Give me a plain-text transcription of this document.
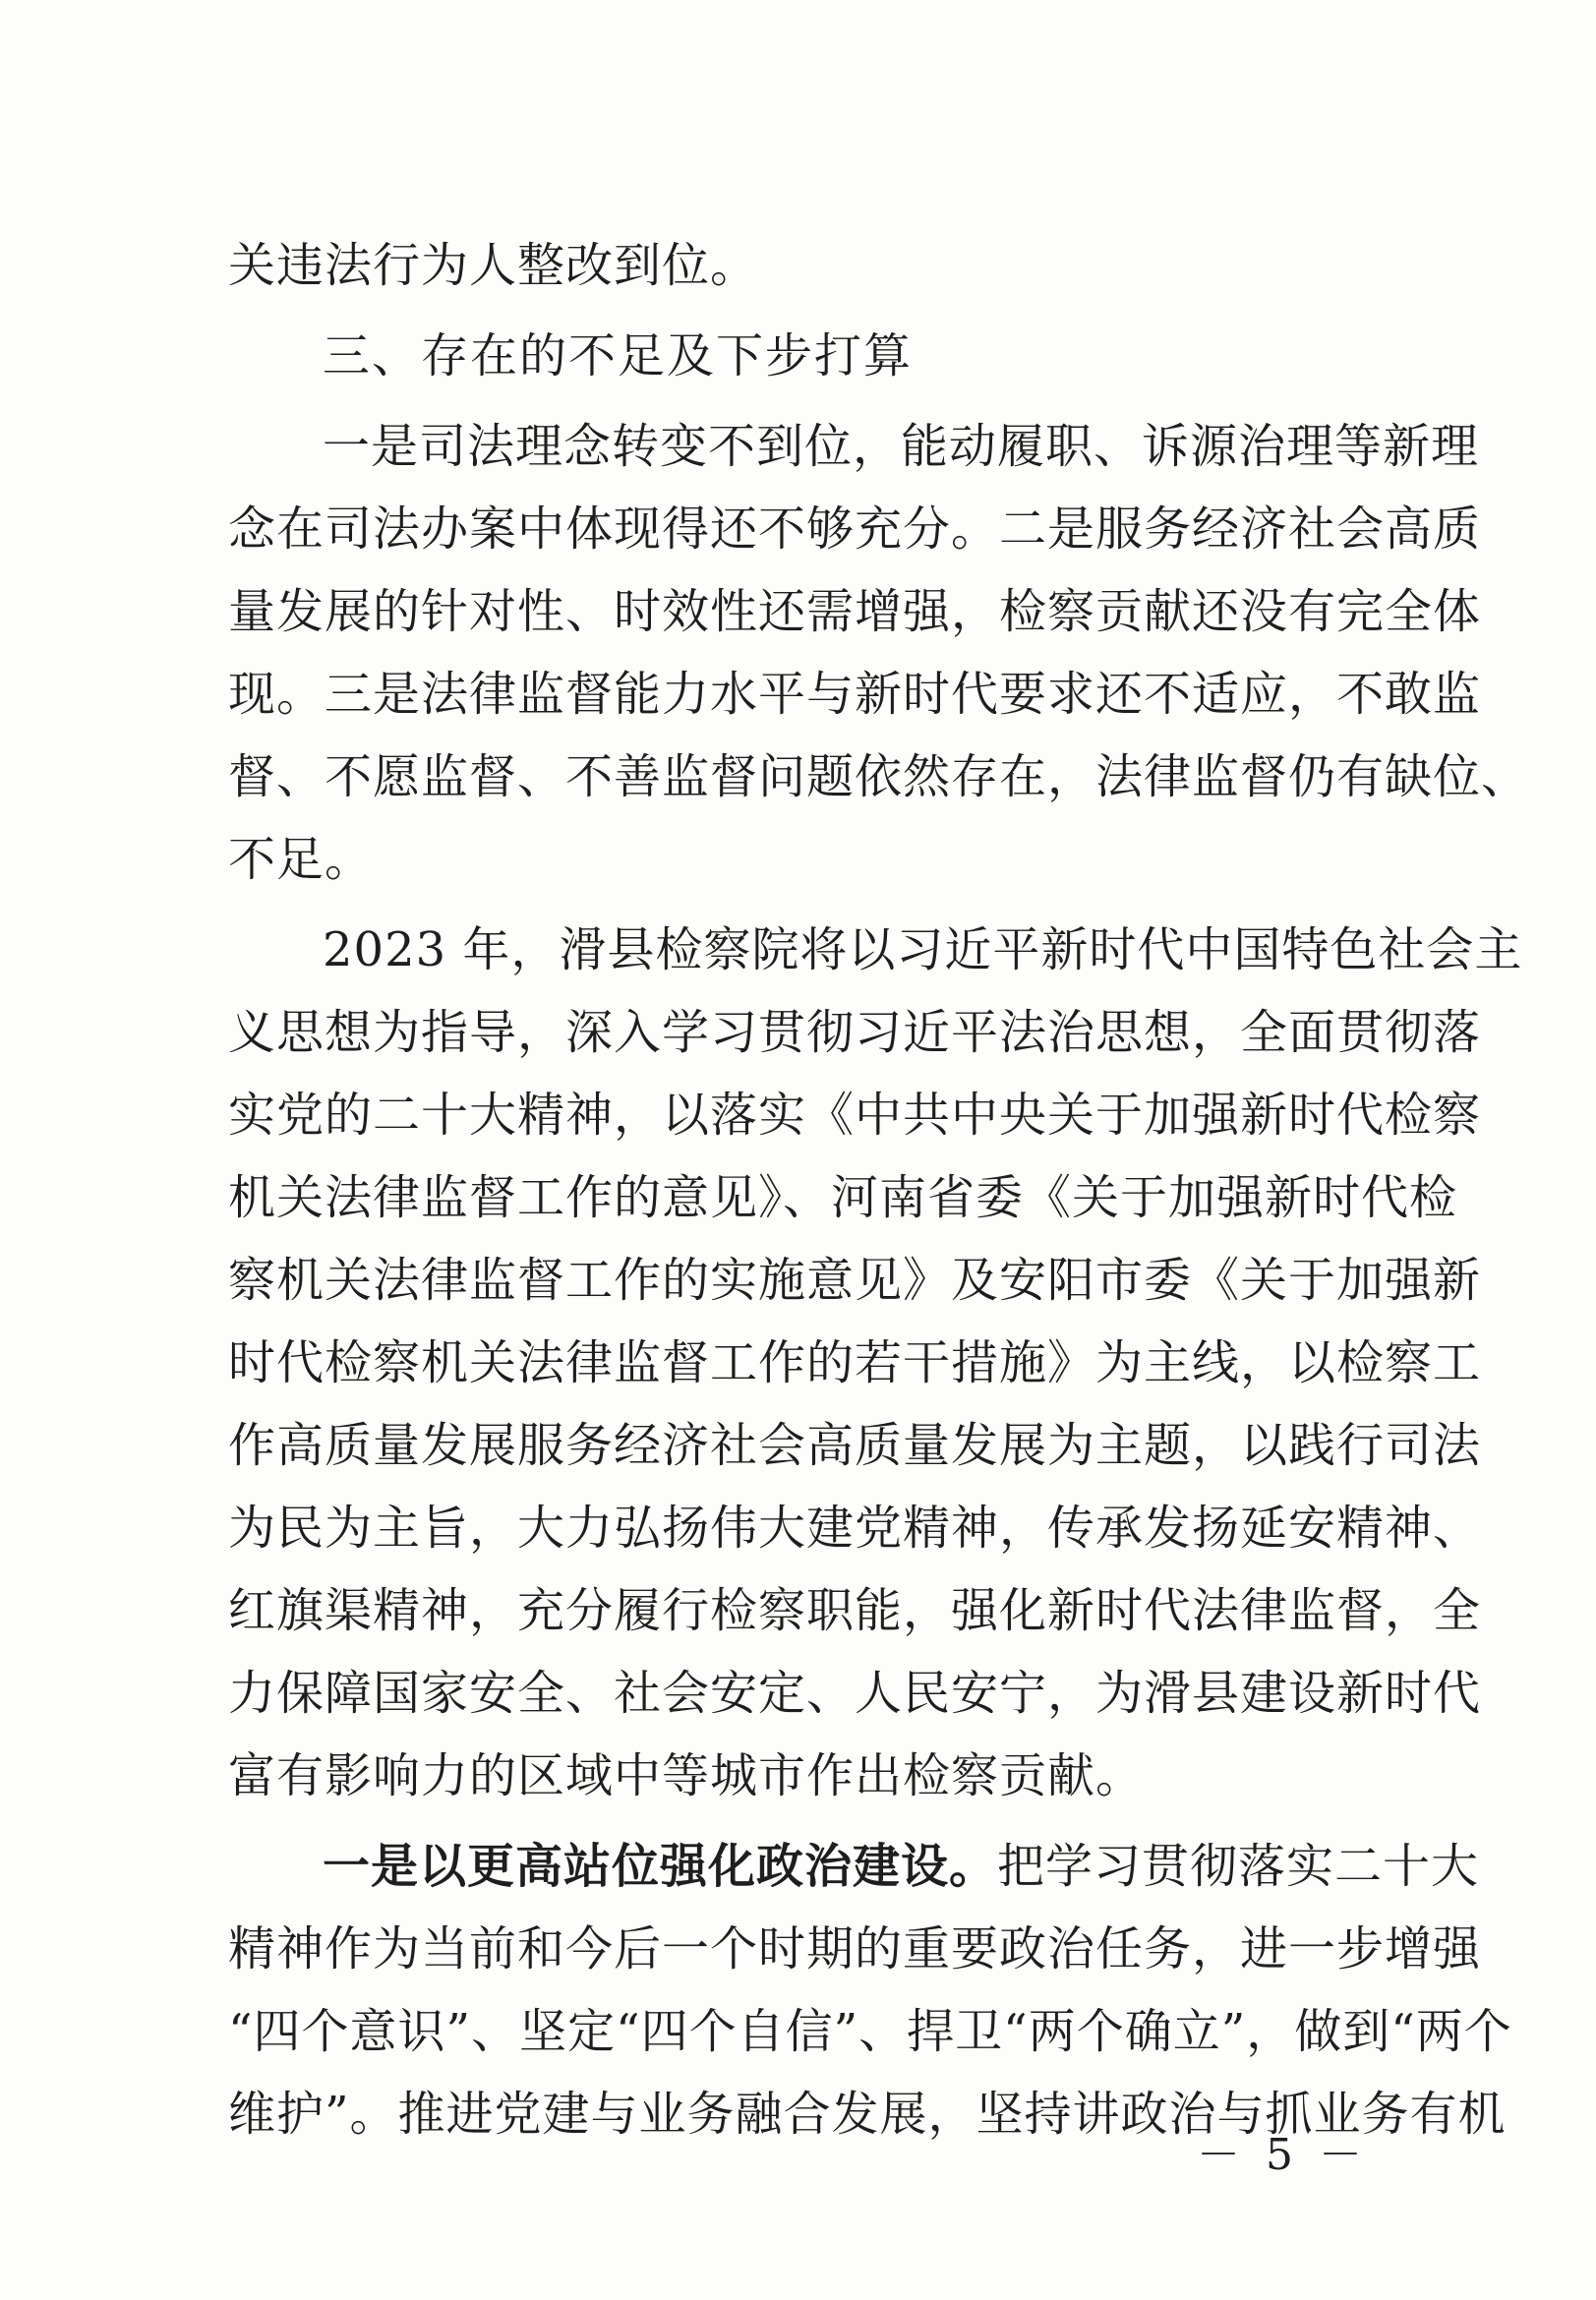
关违法行为人整改到位。
三、存在的不足及下步打算
一是司法理念转变不到位，能动履职、诉源治理等新理
念在司法办案中体现得还不够充分。二是服务经济社会高质
量发展的针对性、时效性还需增强，检察贡献还没有完全体
现。三是法律监督能力水平与新时代要求还不适应，不敢监
督、不愿监督、不善监督问题依然存在，法律监督仍有缺位、
不足。
2023 年，滑县检察院将以习近平新时代中国特色社会主
义思想为指导，深入学习贯彻习近平法治思想，全面贯彻落
实党的二十大精神，以落实《中共中央关于加强新时代检察
机关法律监督工作的意见》、河南省委《关于加强新时代检
察机关法律监督工作的实施意见》及安阳市委《关于加强新
时代检察机关法律监督工作的若干措施》为主线，以检察工
作高质量发展服务经济社会高质量发展为主题，以践行司法
为民为主旨，大力弘扬伟大建党精神，传承发扬延安精神、
红旗渠精神，充分履行检察职能，强化新时代法律监督，全
力保障国家安全、社会安定、人民安宁，为滑县建设新时代
富有影响力的区域中等城市作出检察贡献。
一是以更高站位强化政治建设。把学习贯彻落实二十大
精神作为当前和今后一个时期的重要政治任务，进一步增强
“四个意识”、坚定“四个自信”、捍卫“两个确立”，做到“两个
维护”。推进党建与业务融合发展，坚持讲政治与抓业务有机
－ 5 －
